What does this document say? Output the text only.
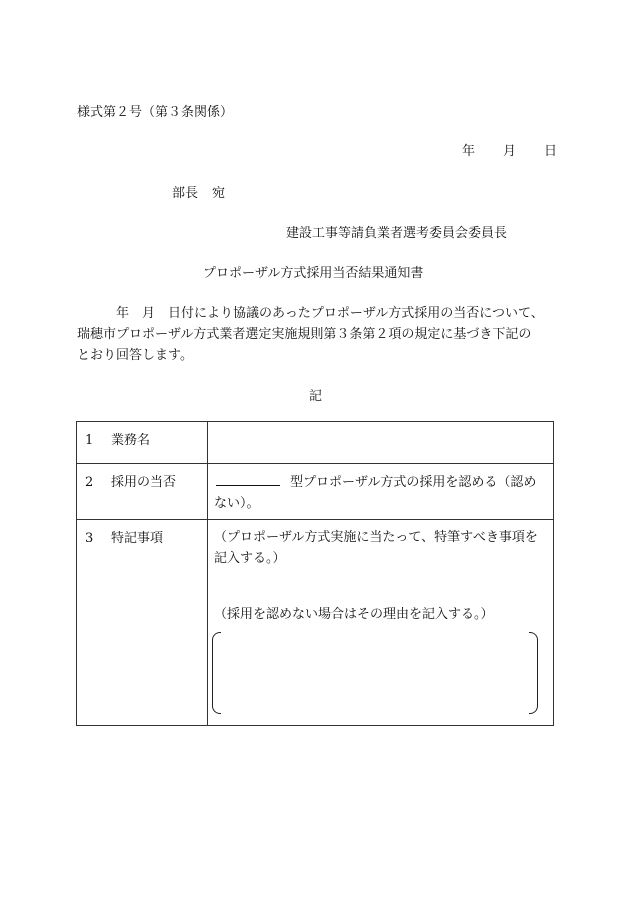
様式第２号（第３条関係）
年 月 日
部長 宛
建設工事等請負業者選考委員会委員長
プロポーザル方式採用当否結果通知書
年 月 日付により協議のあったプロポーザル方式採用の当否について、
瑞穂市プロポーザル方式業者選定実施規則第３条第２項の規定に基づき下記の
とおり回答します。
記
1 業務名	

2 採用の当否	型プロポーザル方式の採用を認める（認めない）。

3 特記事項	（プロポーザル方式実施に当たって、特筆すべき事項を記入する。）
（採用を認めない場合はその理由を記入する。）
